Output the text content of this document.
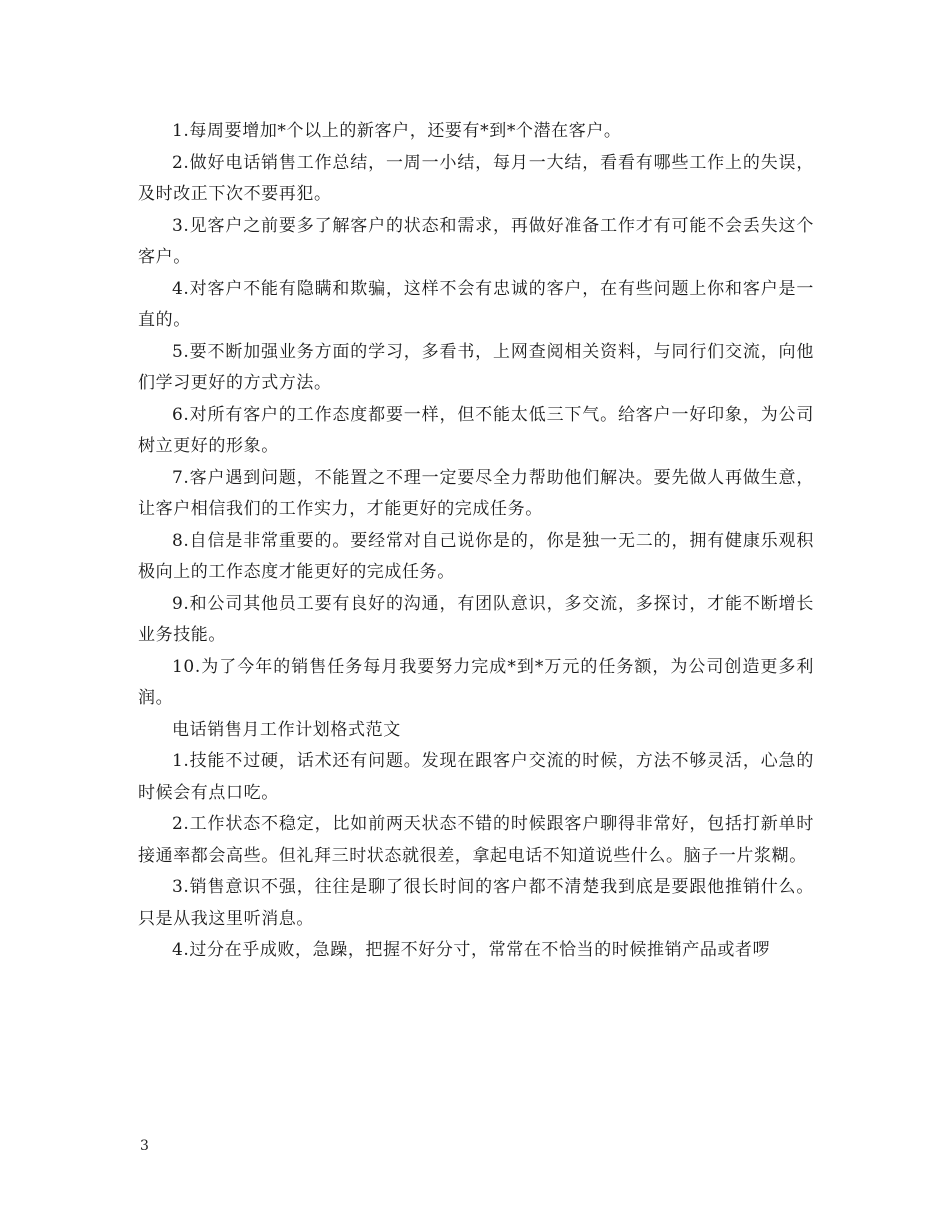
1.每周要增加*个以上的新客户，还要有*到*个潜在客户。

2.做好电话销售工作总结，一周一小结，每月一大结，看看有哪些工作上的失误，及时改正下次不要再犯。

3.见客户之前要多了解客户的状态和需求，再做好准备工作才有可能不会丢失这个客户。

4.对客户不能有隐瞒和欺骗，这样不会有忠诚的客户，在有些问题上你和客户是一直的。

5.要不断加强业务方面的学习，多看书，上网查阅相关资料，与同行们交流，向他们学习更好的方式方法。

6.对所有客户的工作态度都要一样，但不能太低三下气。给客户一好印象，为公司树立更好的形象。

7.客户遇到问题，不能置之不理一定要尽全力帮助他们解决。要先做人再做生意，让客户相信我们的工作实力，才能更好的完成任务。

8.自信是非常重要的。要经常对自己说你是的，你是独一无二的，拥有健康乐观积极向上的工作态度才能更好的完成任务。

9.和公司其他员工要有良好的沟通，有团队意识，多交流，多探讨，才能不断增长业务技能。

10.为了今年的销售任务每月我要努力完成*到*万元的任务额，为公司创造更多利润。

电话销售月工作计划格式范文

1.技能不过硬，话术还有问题。发现在跟客户交流的时候，方法不够灵活，心急的时候会有点口吃。

2.工作状态不稳定，比如前两天状态不错的时候跟客户聊得非常好，包括打新单时接通率都会高些。但礼拜三时状态就很差，拿起电话不知道说些什么。脑子一片浆糊。

3.销售意识不强，往往是聊了很长时间的客户都不清楚我到底是要跟他推销什么。只是从我这里听消息。

4.过分在乎成败，急躁，把握不好分寸，常常在不恰当的时候推销产品或者啰

3
